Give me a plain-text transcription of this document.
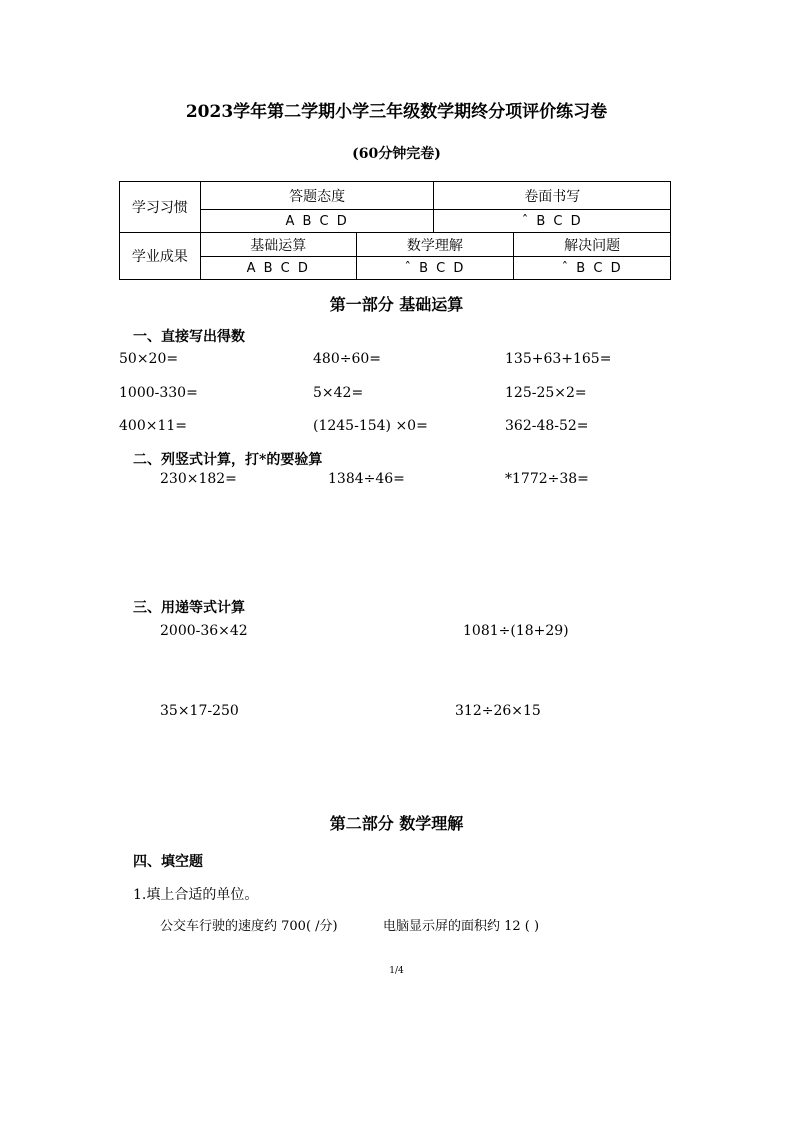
2023学年第二学期小学三年级数学期终分项评价练习卷
(60分钟完卷)
学习习惯	答题态度		卷面书写	
	A B C D		ˆ B C D	
学业成果	基础运算	数学理解		解决问题
	A B C D	ˆ B C D		ˆ B C D
第一部分 基础运算
一、直接写出得数
50×20=	480÷60=	135+63+165=
1000-330=	5×42=	125-25×2=
400×11=	(1245-154) ×0=	362-48-52=
二、列竖式计算，打*的要验算
230×182=	1384÷46=	*1772÷38=
三、用递等式计算
2000-36×42	1081÷(18+29)
35×17-250	312÷26×15
第二部分 数学理解
四、填空题
1.填上合适的单位。
公交车行驶的速度约 700( /分)	电脑显示屏的面积约 12 ( )
1/4
